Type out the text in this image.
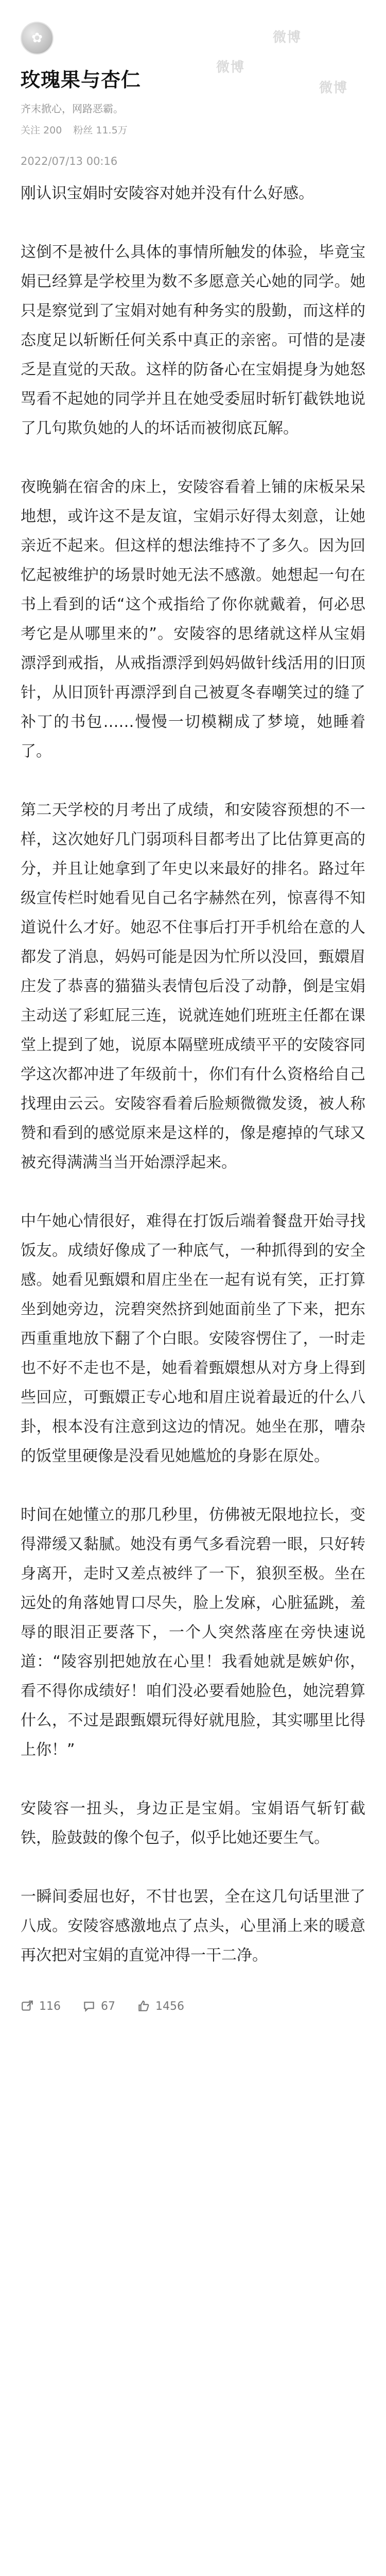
微博
微博
微博
✿
玫瑰果与杏仁
齐末掀心，网路恶霸。
关注 200 粉丝 11.5万
2022/07/13 00:16

刚认识宝娟时安陵容对她并没有什么好感。

这倒不是被什么具体的事情所触发的体验，毕竟宝娟已经算是学校里为数不多愿意关心她的同学。她只是察觉到了宝娟对她有种务实的殷勤，而这样的态度足以斩断任何关系中真正的亲密。可惜的是凄乏是直觉的天敌。这样的防备心在宝娟提身为她怒骂看不起她的同学并且在她受委屈时斩钉截铁地说了几句欺负她的人的坏话而被彻底瓦解。

夜晚躺在宿舍的床上，安陵容看着上铺的床板呆呆地想，或许这不是友谊，宝娟示好得太刻意，让她亲近不起来。但这样的想法维持不了多久。因为回忆起被维护的场景时她无法不感激。她想起一句在书上看到的话“这个戒指给了你你就戴着，何必思考它是从哪里来的”。安陵容的思绪就这样从宝娟漂浮到戒指，从戒指漂浮到妈妈做针线活用的旧顶针，从旧顶针再漂浮到自己被夏冬春嘲笑过的缝了补丁的书包……慢慢一切模糊成了梦境，她睡着了。

第二天学校的月考出了成绩，和安陵容预想的不一样，这次她好几门弱项科目都考出了比估算更高的分，并且让她拿到了年史以来最好的排名。路过年级宣传栏时她看见自己名字赫然在列，惊喜得不知道说什么才好。她忍不住事后打开手机给在意的人都发了消息，妈妈可能是因为忙所以没回，甄嬛眉庄发了恭喜的猫猫头表情包后没了动静，倒是宝娟主动送了彩虹屁三连，说就连她们班班主任都在课堂上提到了她，说原本隔壁班成绩平平的安陵容同学这次都冲进了年级前十，你们有什么资格给自己找理由云云。安陵容看着后脸颊微微发烫，被人称赞和看到的感觉原来是这样的，像是瘪掉的气球又被充得满满当当开始漂浮起来。

中午她心情很好，难得在打饭后端着餐盘开始寻找饭友。成绩好像成了一种底气，一种抓得到的安全感。她看见甄嬛和眉庄坐在一起有说有笑，正打算坐到她旁边，浣碧突然挤到她面前坐了下来，把东西重重地放下翻了个白眼。安陵容愣住了，一时走也不好不走也不是，她看着甄嬛想从对方身上得到些回应，可甄嬛正专心地和眉庄说着最近的什么八卦，根本没有注意到这边的情况。她坐在那，嘈杂的饭堂里硬像是没看见她尴尬的身影在原处。

时间在她懂立的那几秒里，仿佛被无限地拉长，变得滞缓又黏腻。她没有勇气多看浣碧一眼，只好转身离开，走时又差点被绊了一下，狼狈至极。坐在远处的角落她胃口尽失，脸上发麻，心脏猛跳，羞辱的眼泪正要落下，一个人突然落座在旁快速说道：“陵容别把她放在心里！我看她就是嫉妒你，看不得你成绩好！咱们没必要看她脸色，她浣碧算什么，不过是跟甄嬛玩得好就甩脸，其实哪里比得上你！”

安陵容一扭头，身边正是宝娟。宝娟语气斩钉截铁，脸鼓鼓的像个包子，似乎比她还要生气。

一瞬间委屈也好，不甘也罢，全在这几句话里泄了八成。安陵容感激地点了点头，心里涌上来的暖意再次把对宝娟的直觉冲得一干二净。

116	67	1456
